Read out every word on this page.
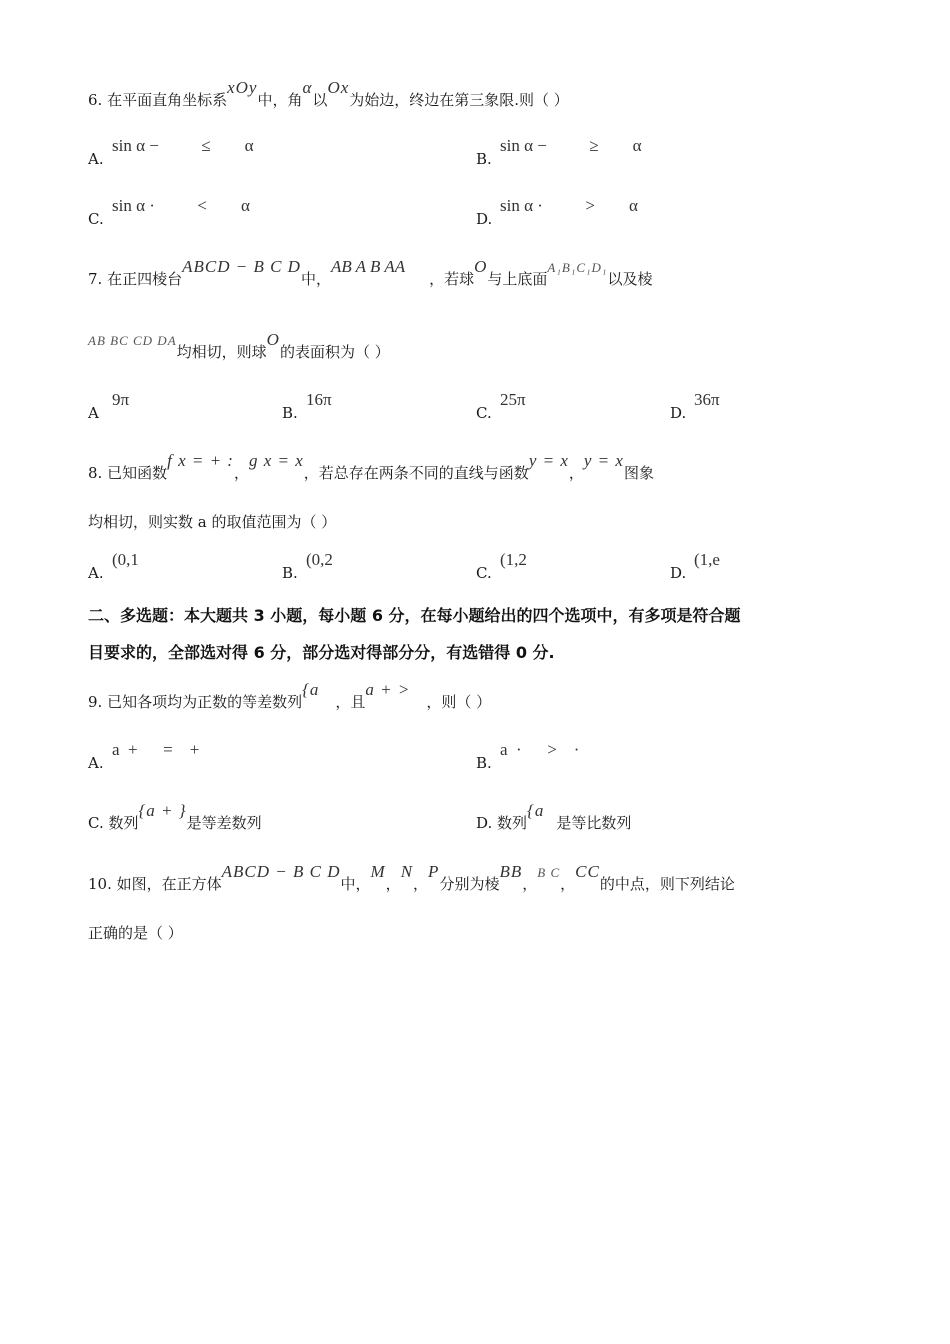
6. 在平面直角坐标系xOy中，角α以Ox为始边，终边在第三象限.则（ ）
A.
sin α −          ≤        α
B.
sin α −          ≥        α
C.
sin α ·          <        α
D.
sin α ·          >        α
7. 在正四棱台ABCD − B C D中，AB A B AA，若球O与上底面A₁B₁C₁D₁以及棱
AB BC CD DA均相切，则球O的表面积为（ ）
A
9π
B.
16π
C.
25π
D.
36π
8. 已知函数f x = + :，g x = x，若总存在两条不同的直线与函数y = x，y = x图象
均相切，则实数 a 的取值范围为（ ）
A.
(0,1
B.
(0,2
C.
(1,2
D.
(1,e
二、多选题：本大题共 3 小题，每小题 6 分，在每小题给出的四个选项中，有多项是符合题
目要求的，全部选对得 6 分，部分选对得部分分，有选错得 0 分.
9. 已知各项均为正数的等差数列{a，且a + >，则（ ）
A.
a  +      =    +
B.
a  ·      >    ·
C. 数列{a + }是等差数列	D. 数列{a是等比数列
10. 如图，在正方体ABCD − B C D中，M，N，P分别为棱BB，B C，CC的中点，则下列结论
正确的是（ ）
